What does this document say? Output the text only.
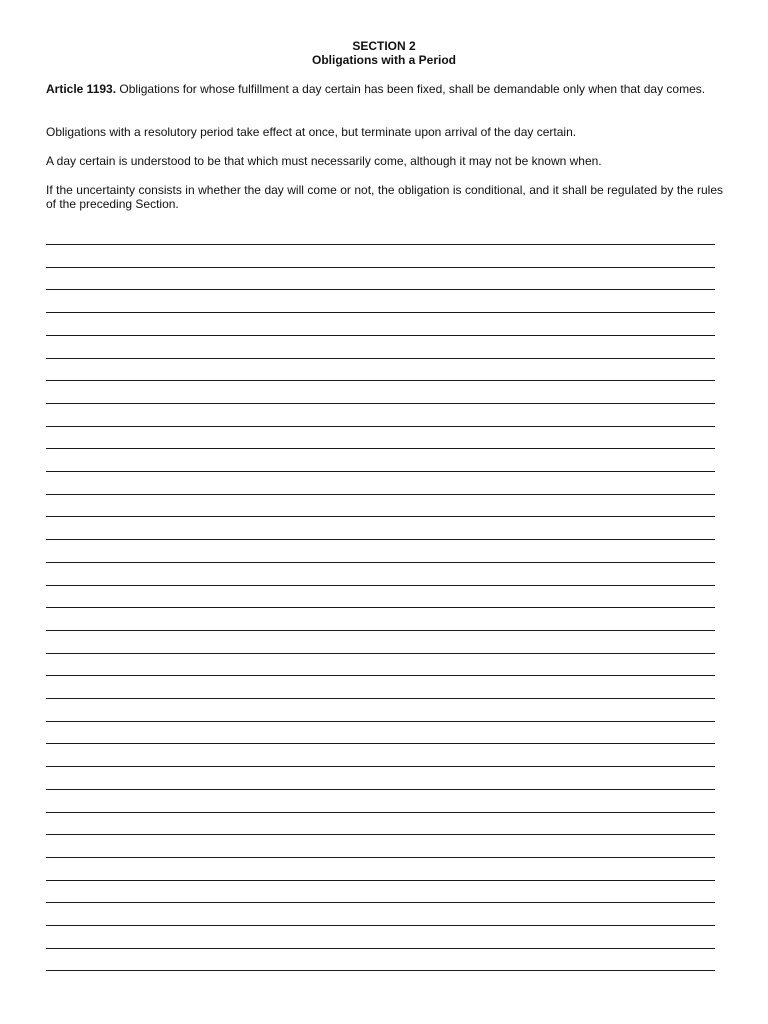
SECTION 2
Obligations with a Period

Article 1193. Obligations for whose fulfillment a day certain has been fixed, shall be demandable only when that day comes.

Obligations with a resolutory period take effect at once, but terminate upon arrival of the day certain.

A day certain is understood to be that which must necessarily come, although it may not be known when.

If the uncertainty consists in whether the day will come or not, the obligation is conditional, and it shall be regulated by the rules of the preceding Section.
